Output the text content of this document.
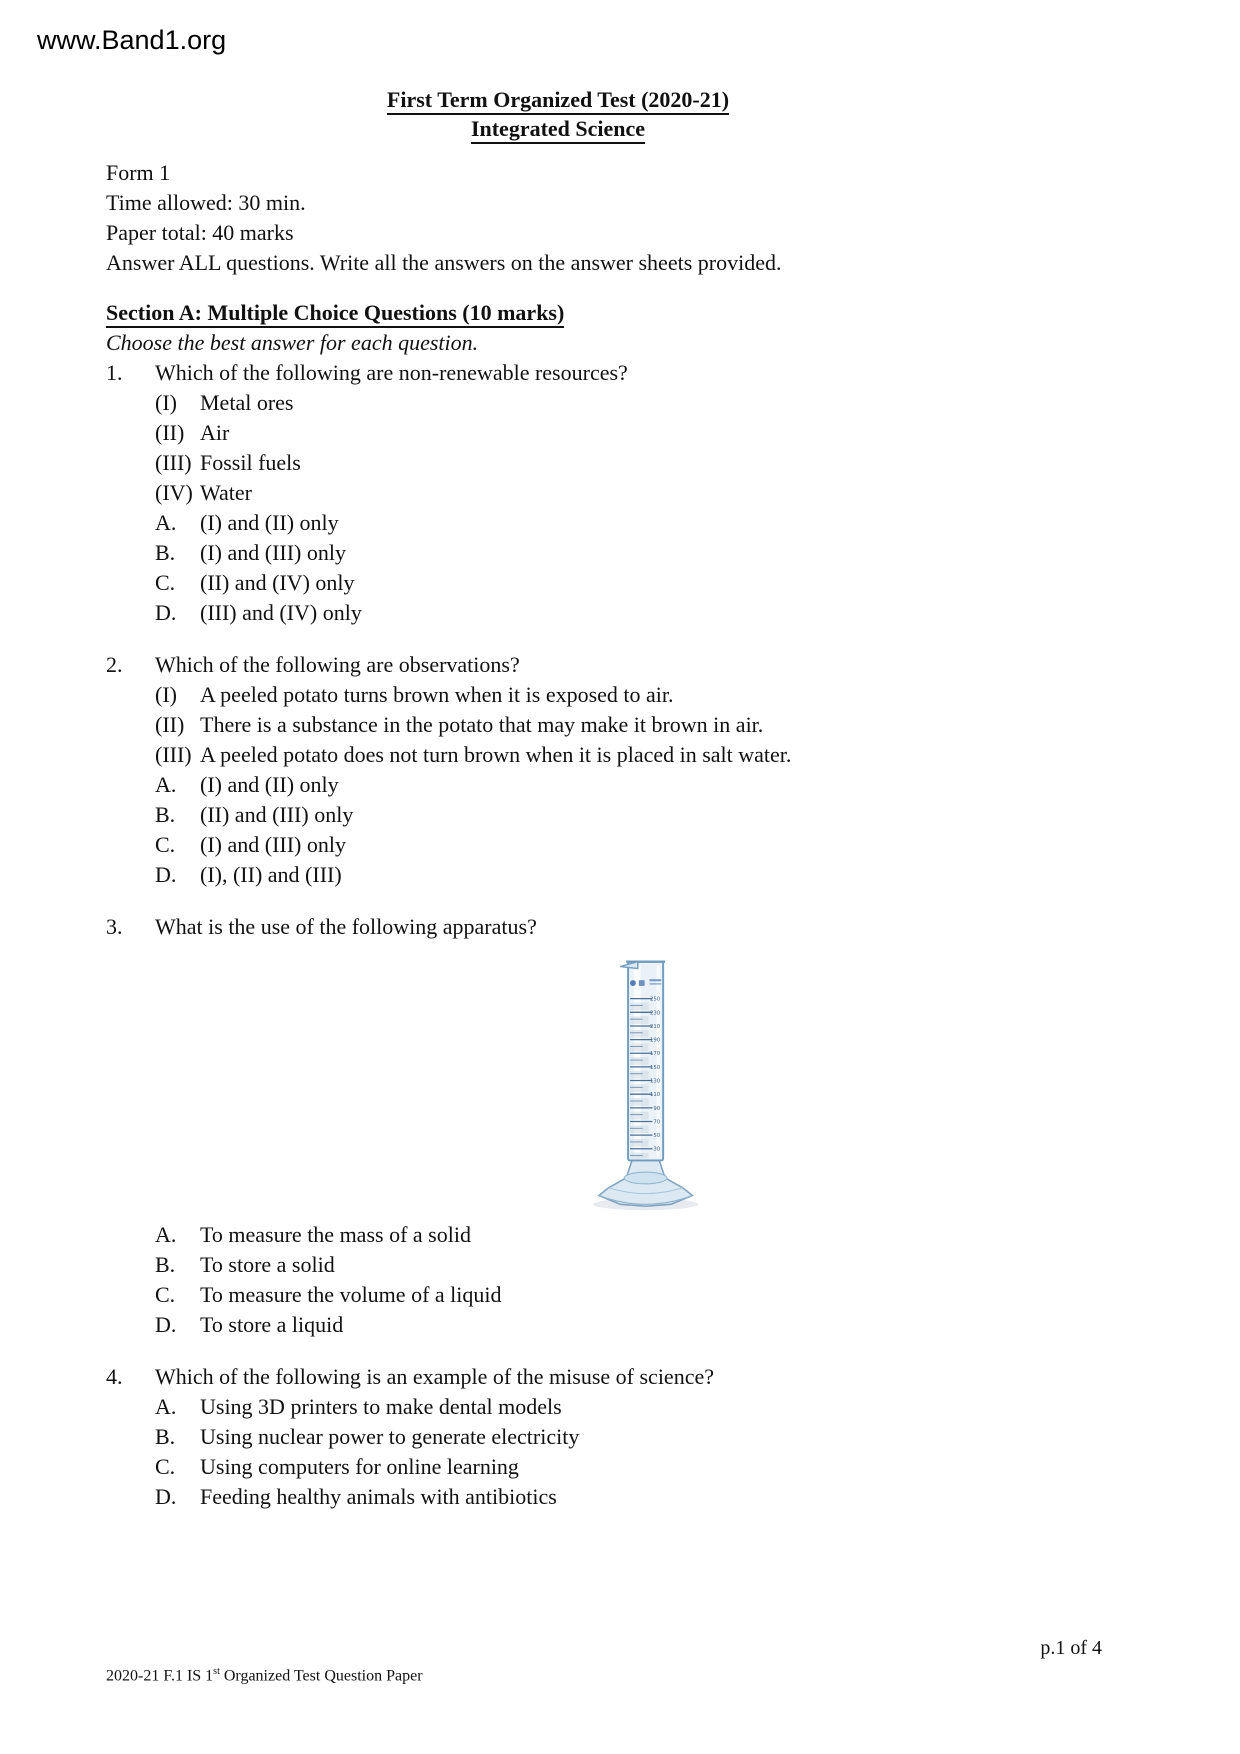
www.Band1.org
First Term Organized Test (2020-21)
Integrated Science
Form 1
Time allowed: 30 min.
Paper total: 40 marks
Answer ALL questions. Write all the answers on the answer sheets provided.
Section A: Multiple Choice Questions (10 marks)
Choose the best answer for each question.
1.	Which of the following are non-renewable resources?
(I)	Metal ores
(II) Air
(III) Fossil fuels
(IV) Water
A.	(I) and (II) only
B.	(I) and (III) only
C.	(II) and (IV) only
D.	(III) and (IV) only
2.	Which of the following are observations?
(I)	A peeled potato turns brown when it is exposed to air.
(II) There is a substance in the potato that may make it brown in air.
(III) A peeled potato does not turn brown when it is placed in salt water.
A.	(I) and (II) only
B.	(II) and (III) only
C.	(I) and (III) only
D.	(I), (II) and (III)
3.	What is the use of the following apparatus?
250
230
210
190
170
150
130
110
90
70
50
30
A.	To measure the mass of a solid
B.	To store a solid
C.	To measure the volume of a liquid
D.	To store a liquid
4.	Which of the following is an example of the misuse of science?
A.	Using 3D printers to make dental models
B.	Using nuclear power to generate electricity
C.	Using computers for online learning
D.	Feeding healthy animals with antibiotics
2020-21 F.1 IS 1st Organized Test Question Paper
p.1 of 4
